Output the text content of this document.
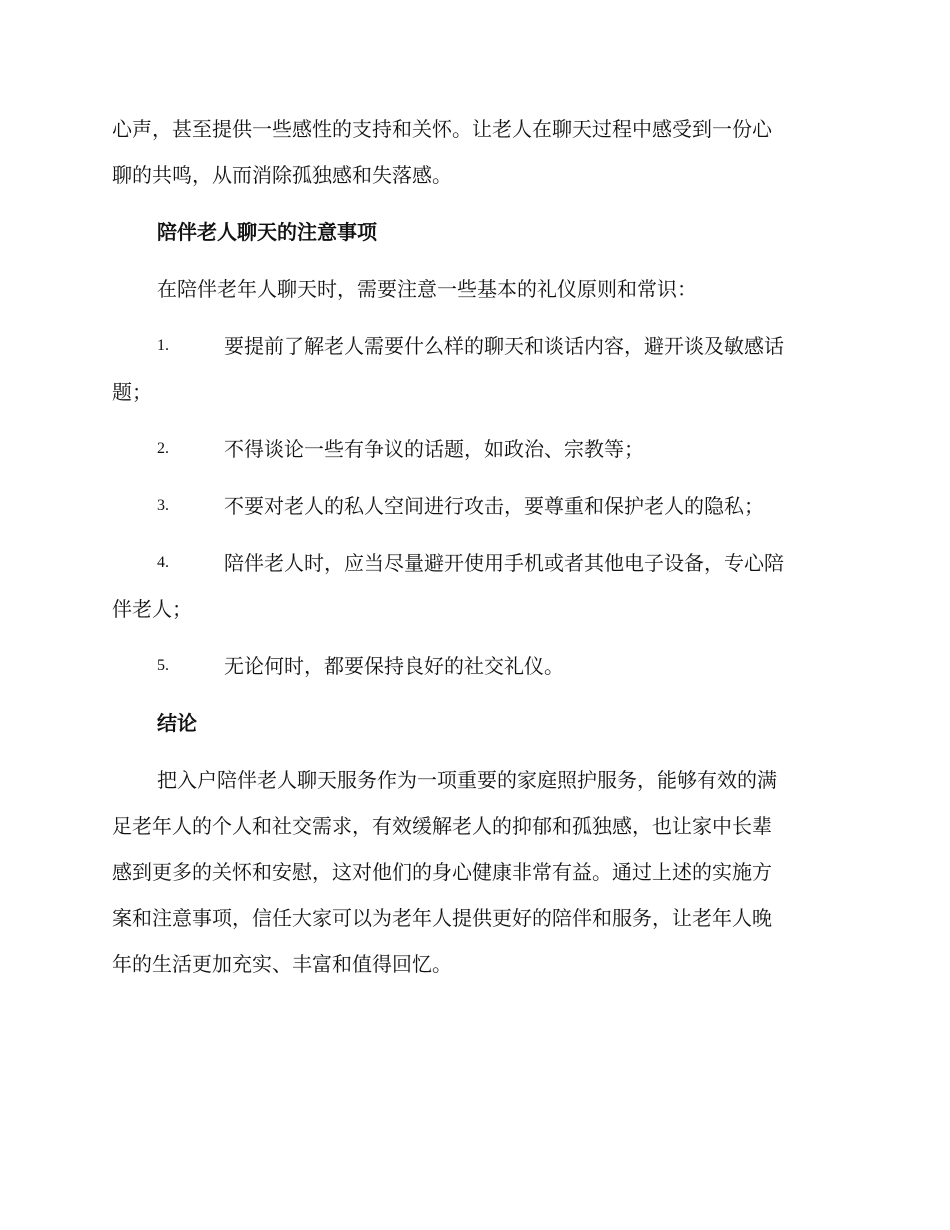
心声，甚至提供一些感性的支持和关怀。让老人在聊天过程中感受到一份心
聊的共鸣，从而消除孤独感和失落感。
陪伴老人聊天的注意事项
在陪伴老年人聊天时，需要注意一些基本的礼仪原则和常识：
1.	要提前了解老人需要什么样的聊天和谈话内容，避开谈及敏感话
题；
2.	不得谈论一些有争议的话题，如政治、宗教等；
3.	不要对老人的私人空间进行攻击，要尊重和保护老人的隐私；
4.	陪伴老人时，应当尽量避开使用手机或者其他电子设备，专心陪
伴老人；
5.	无论何时，都要保持良好的社交礼仪。
结论
把入户陪伴老人聊天服务作为一项重要的家庭照护服务，能够有效的满
足老年人的个人和社交需求，有效缓解老人的抑郁和孤独感，也让家中长辈
感到更多的关怀和安慰，这对他们的身心健康非常有益。通过上述的实施方
案和注意事项，信任大家可以为老年人提供更好的陪伴和服务，让老年人晚
年的生活更加充实、丰富和值得回忆。
